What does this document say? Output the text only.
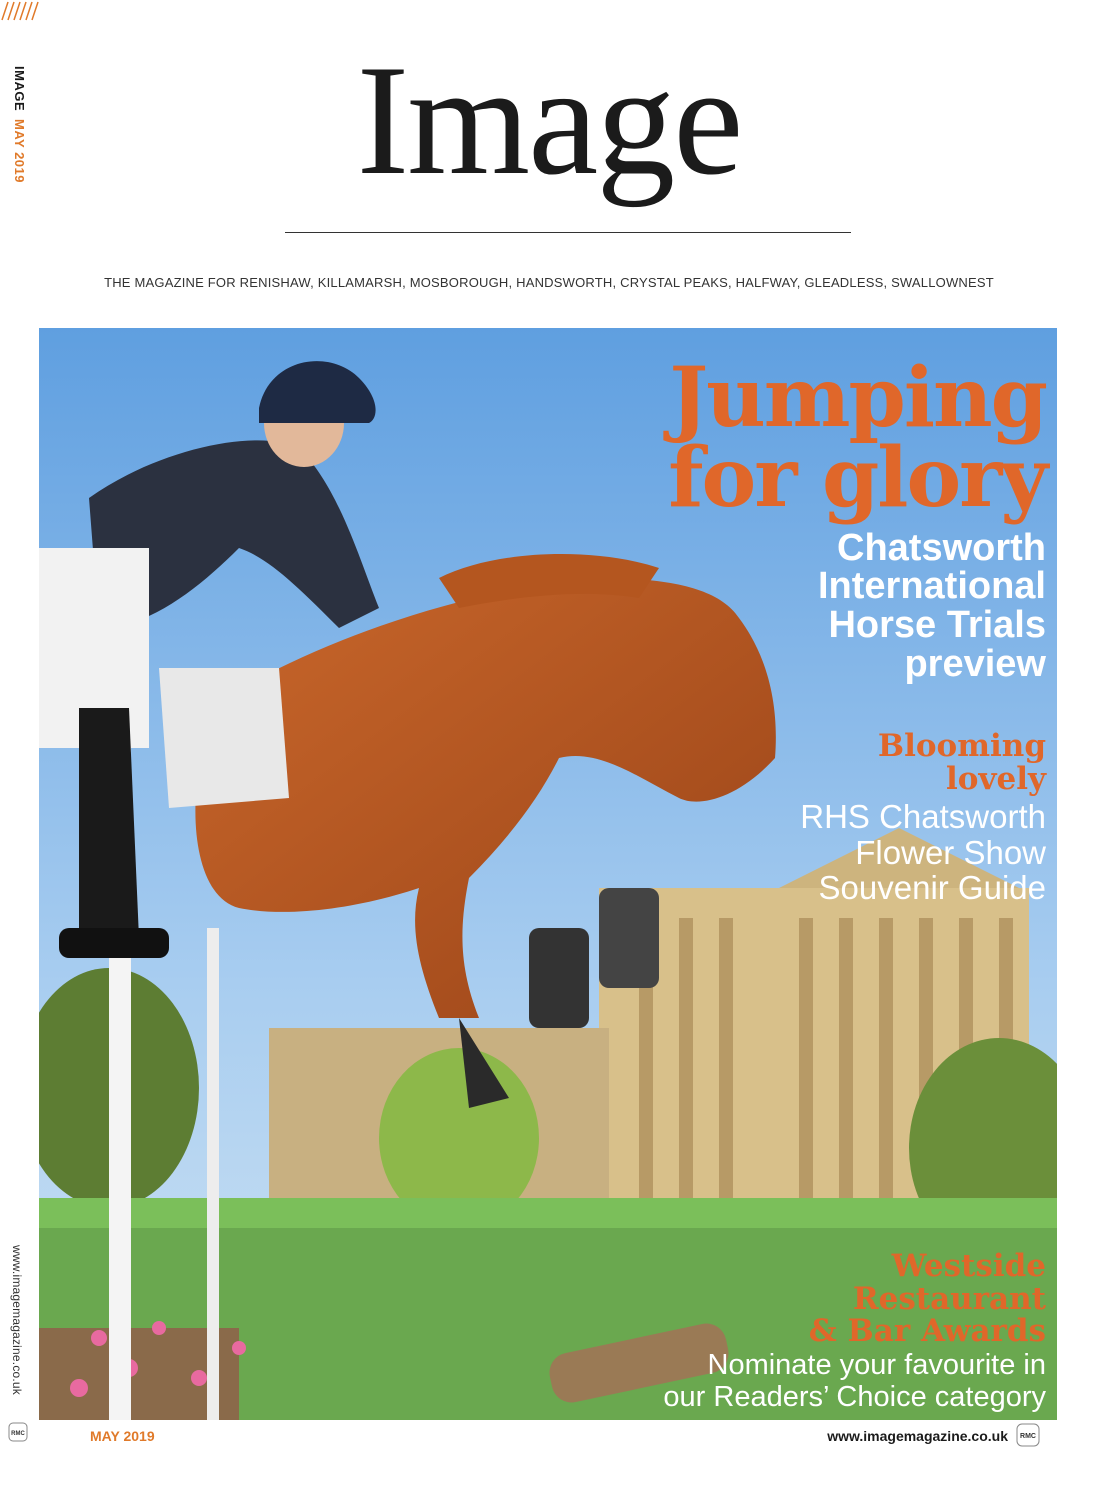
IMAGE MAY 2019
www.imagemagazine.co.uk
RMC
Image
THE MAGAZINE FOR RENISHAW, KILLAMARSH, MOSBOROUGH, HANDSWORTH, CRYSTAL PEAKS, HALFWAY, GLEADLESS, SWALLOWNEST
Jumping
for glory
Chatsworth
International
Horse Trials
preview
Blooming
lovely
RHS Chatsworth
Flower Show
Souvenir Guide
Westside
Restaurant
& Bar Awards
Nominate your favourite in
our Readers’ Choice category
MAY 2019	www.imagemagazine.co.uk RMC
